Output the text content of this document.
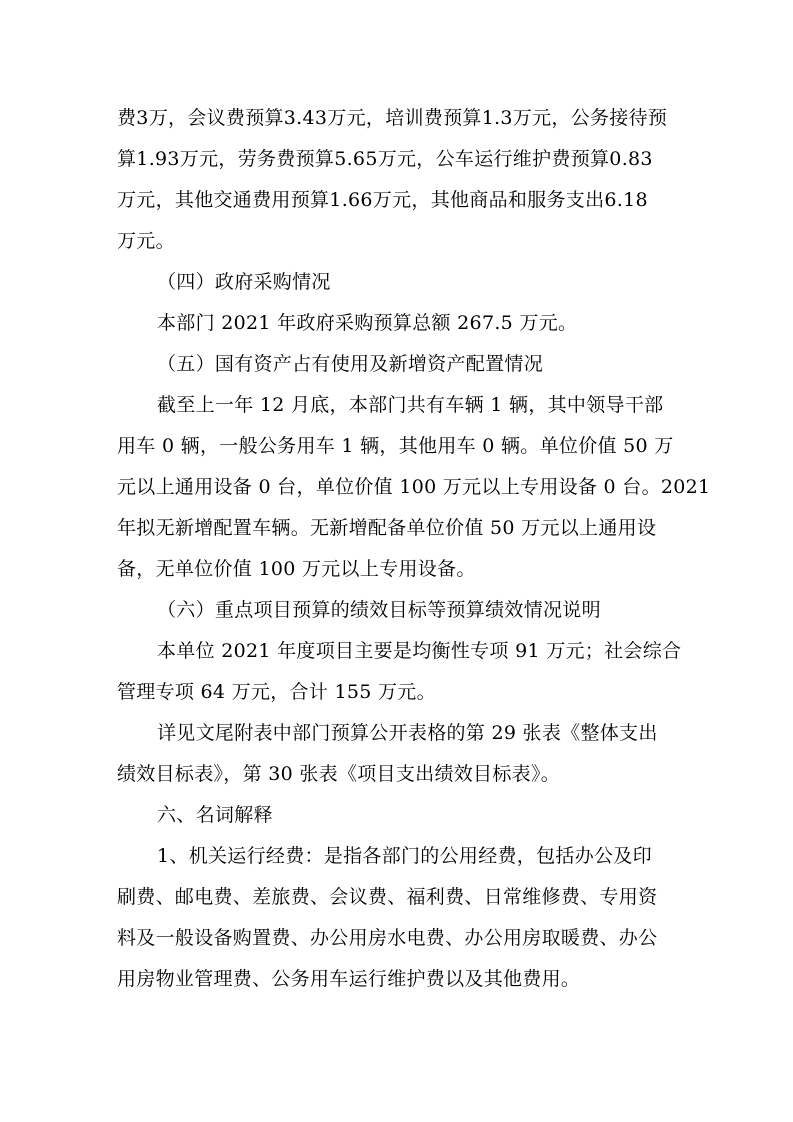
费3万，会议费预算3.43万元，培训费预算1.3万元，公务接待预
算1.93万元，劳务费预算5.65万元，公车运行维护费预算0.83
万元，其他交通费用预算1.66万元，其他商品和服务支出6.18
万元。
（四）政府采购情况
本部门 2021 年政府采购预算总额 267.5 万元。
（五）国有资产占有使用及新增资产配置情况
截至上一年 12 月底，本部门共有车辆 1 辆，其中领导干部
用车 0 辆，一般公务用车 1 辆，其他用车 0 辆。单位价值 50 万
元以上通用设备 0 台，单位价值 100 万元以上专用设备 0 台。2021
年拟无新增配置车辆。无新增配备单位价值 50 万元以上通用设
备，无单位价值 100 万元以上专用设备。
（六）重点项目预算的绩效目标等预算绩效情况说明
本单位 2021 年度项目主要是均衡性专项 91 万元；社会综合
管理专项 64 万元，合计 155 万元。
详见文尾附表中部门预算公开表格的第 29 张表《整体支出
绩效目标表》，第 30 张表《项目支出绩效目标表》。
六、名词解释
1、机关运行经费：是指各部门的公用经费，包括办公及印
刷费、邮电费、差旅费、会议费、福利费、日常维修费、专用资
料及一般设备购置费、办公用房水电费、办公用房取暖费、办公
用房物业管理费、公务用车运行维护费以及其他费用。
